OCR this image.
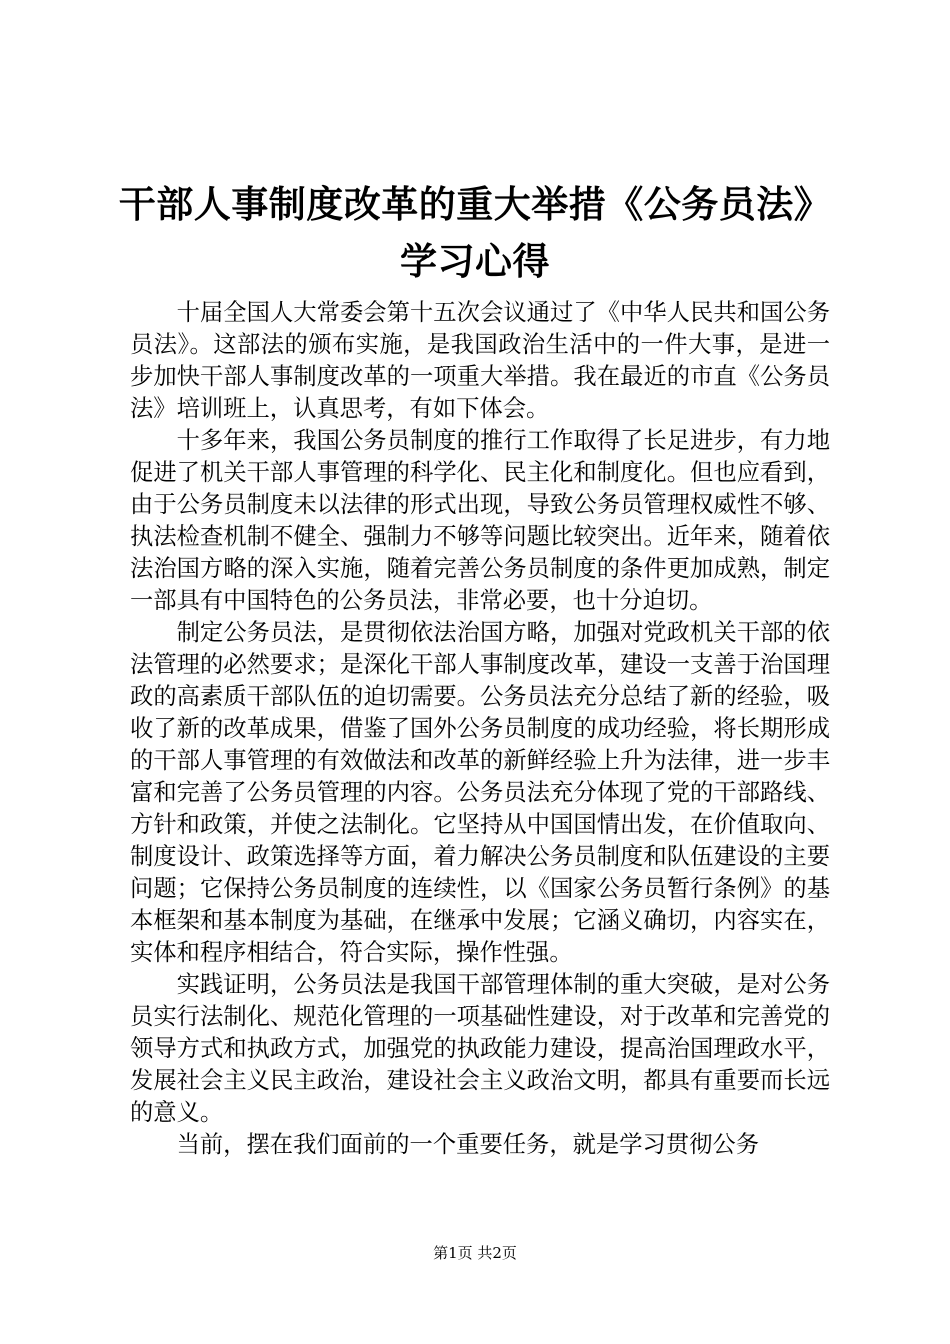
干部人事制度改革的重大举措《公务员法》学习心得

十届全国人大常委会第十五次会议通过了《中华人民共和国公务员法》。这部法的颁布实施，是我国政治生活中的一件大事，是进一步加快干部人事制度改革的一项重大举措。我在最近的市直《公务员法》培训班上，认真思考，有如下体会。

十多年来，我国公务员制度的推行工作取得了长足进步，有力地促进了机关干部人事管理的科学化、民主化和制度化。但也应看到，由于公务员制度未以法律的形式出现，导致公务员管理权威性不够、执法检查机制不健全、强制力不够等问题比较突出。近年来，随着依法治国方略的深入实施，随着完善公务员制度的条件更加成熟，制定一部具有中国特色的公务员法，非常必要，也十分迫切。

制定公务员法，是贯彻依法治国方略，加强对党政机关干部的依法管理的必然要求；是深化干部人事制度改革，建设一支善于治国理政的高素质干部队伍的迫切需要。公务员法充分总结了新的经验，吸收了新的改革成果，借鉴了国外公务员制度的成功经验，将长期形成的干部人事管理的有效做法和改革的新鲜经验上升为法律，进一步丰富和完善了公务员管理的内容。公务员法充分体现了党的干部路线、方针和政策，并使之法制化。它坚持从中国国情出发，在价值取向、制度设计、政策选择等方面，着力解决公务员制度和队伍建设的主要问题；它保持公务员制度的连续性，以《国家公务员暂行条例》的基本框架和基本制度为基础，在继承中发展；它涵义确切，内容实在，实体和程序相结合，符合实际，操作性强。

实践证明，公务员法是我国干部管理体制的重大突破，是对公务员实行法制化、规范化管理的一项基础性建设，对于改革和完善党的领导方式和执政方式，加强党的执政能力建设，提高治国理政水平，发展社会主义民主政治，建设社会主义政治文明，都具有重要而长远的意义。

当前，摆在我们面前的一个重要任务，就是学习贯彻公务

第1页 共2页
